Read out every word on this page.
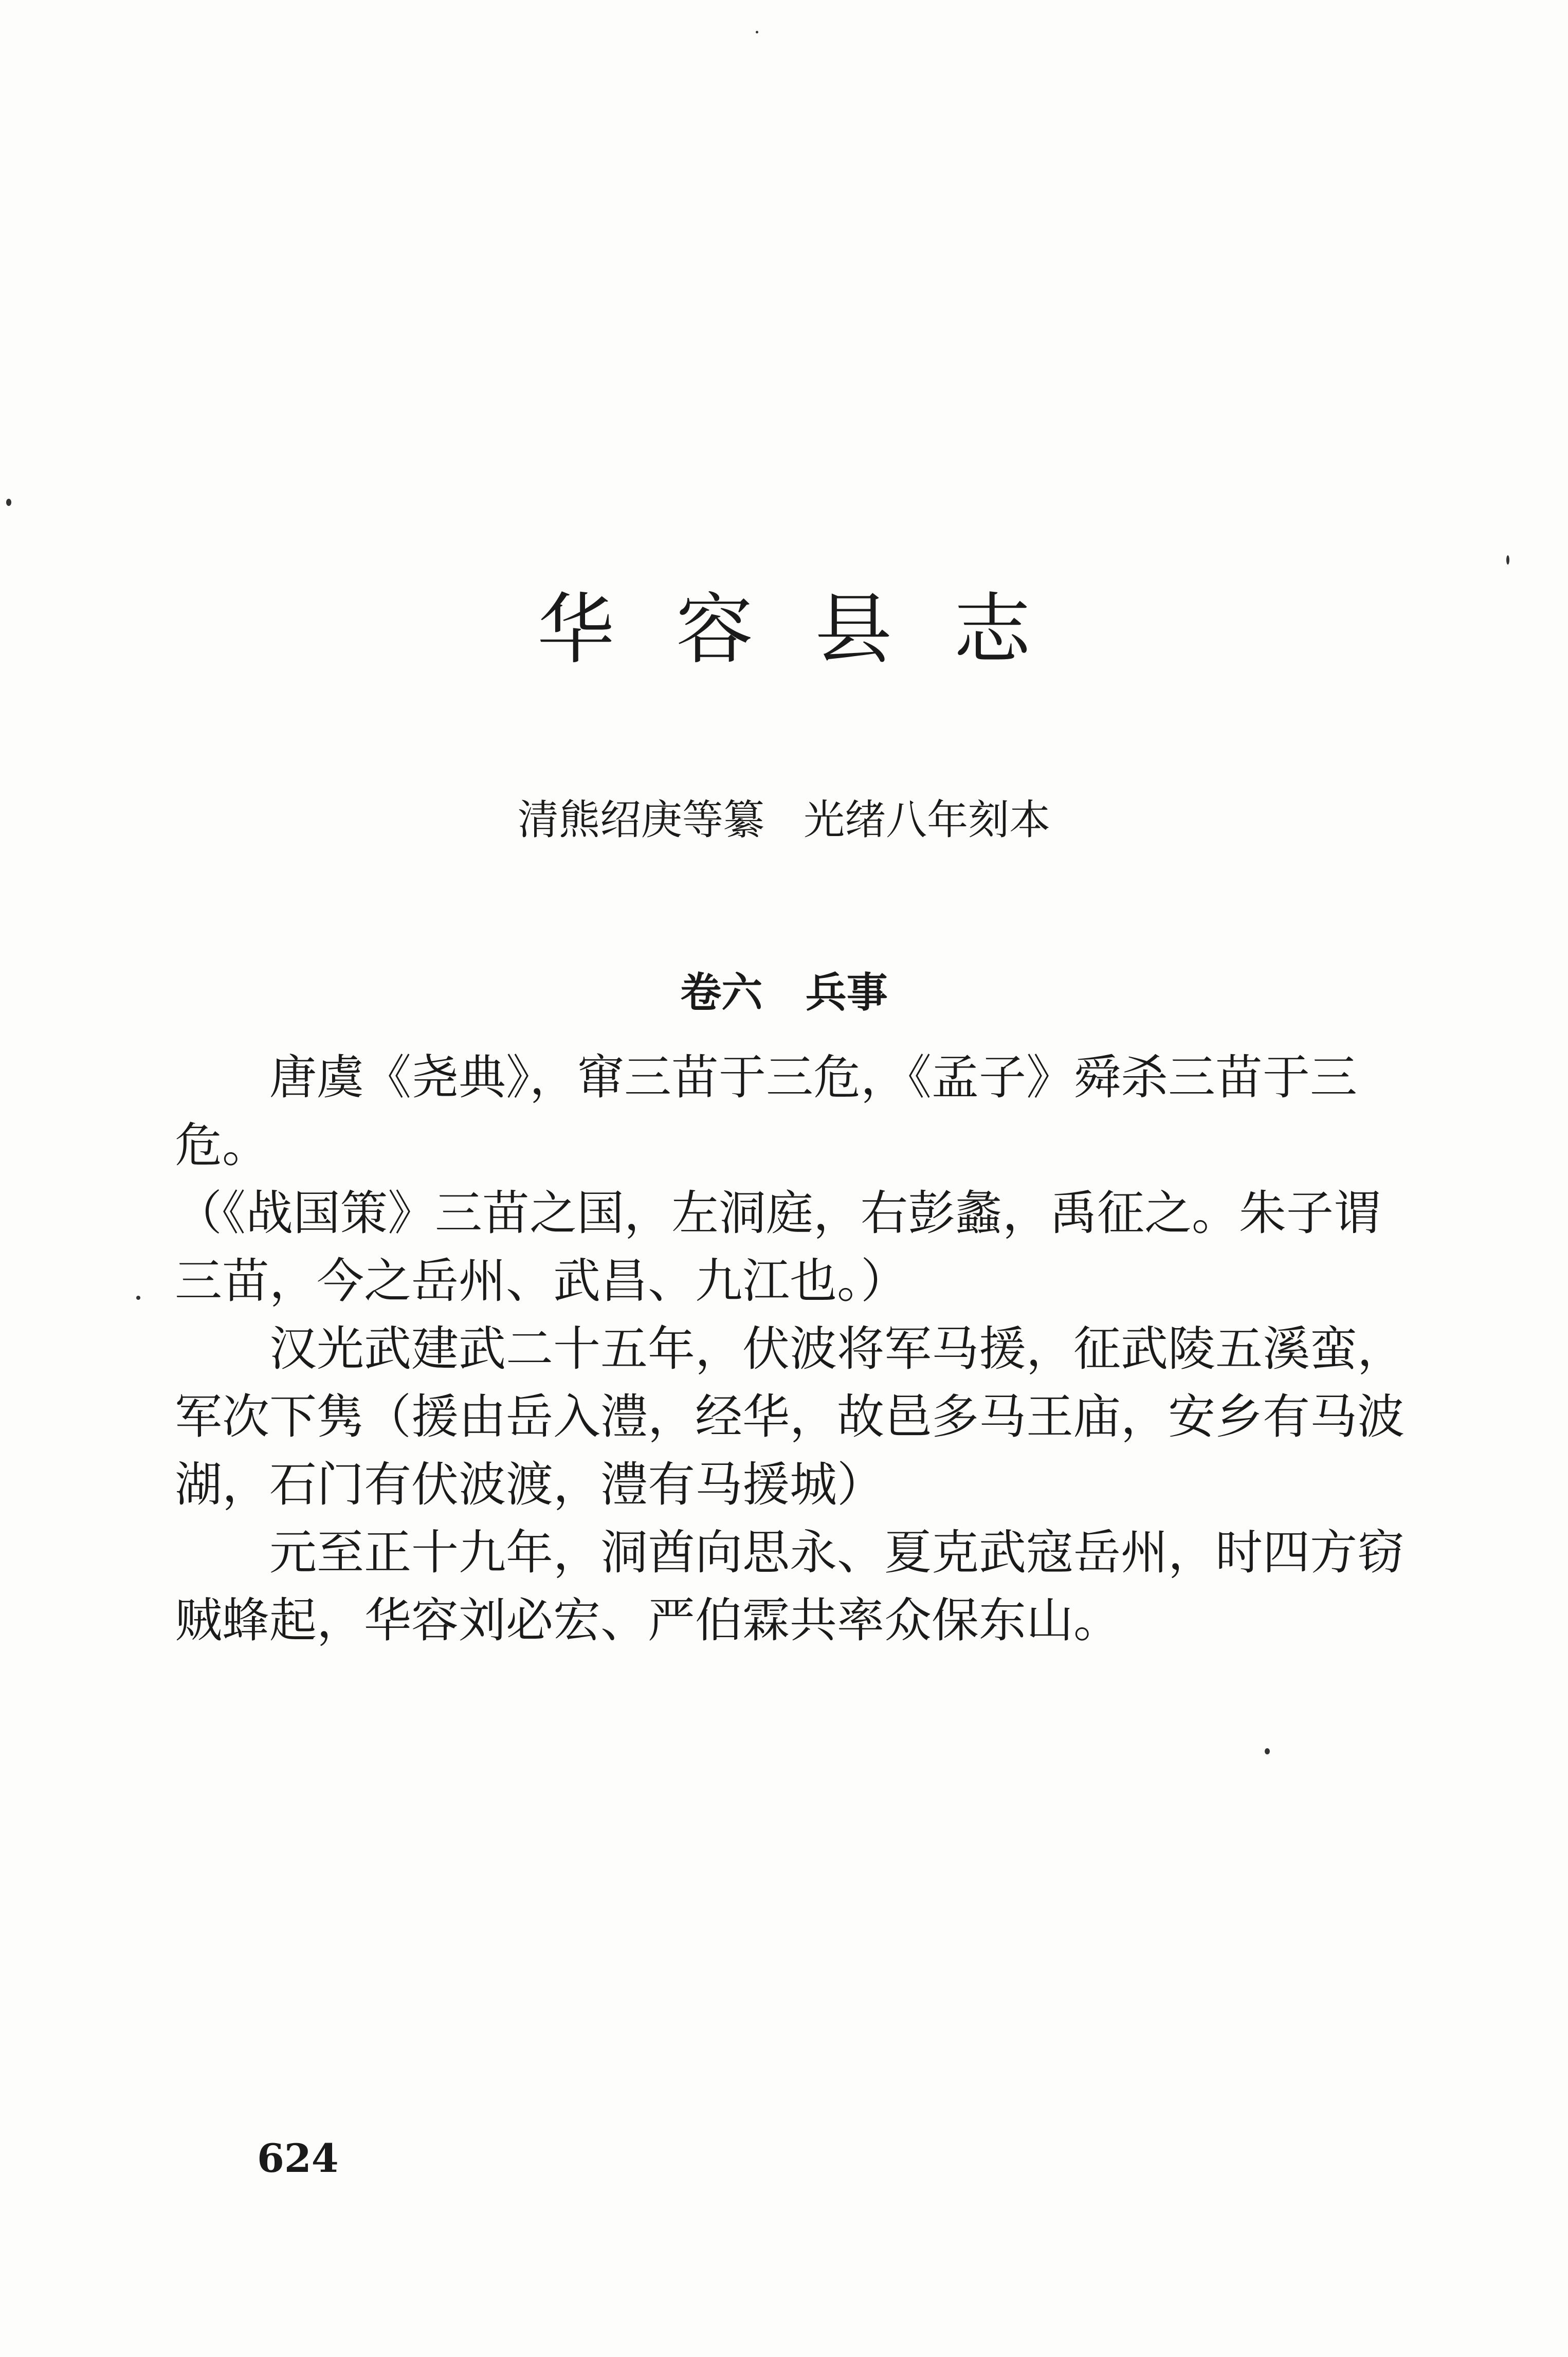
华容县志
清熊绍庚等纂   光绪八年刻本
卷六   兵事

唐虞《尧典》，窜三苗于三危，《孟子》舜杀三苗于三危。

（《战国策》三苗之国，左洞庭，右彭蠡，禹征之。朱子谓三苗，今之岳州、武昌、九江也。）

汉光武建武二十五年，伏波将军马援，征武陵五溪蛮，军次下隽（援由岳入澧，经华，故邑多马王庙，安乡有马波湖，石门有伏波渡，澧有马援城）

元至正十九年，洞酋向思永、夏克武寇岳州，时四方窃贼蜂起，华容刘必宏、严伯霖共率众保东山。

624
